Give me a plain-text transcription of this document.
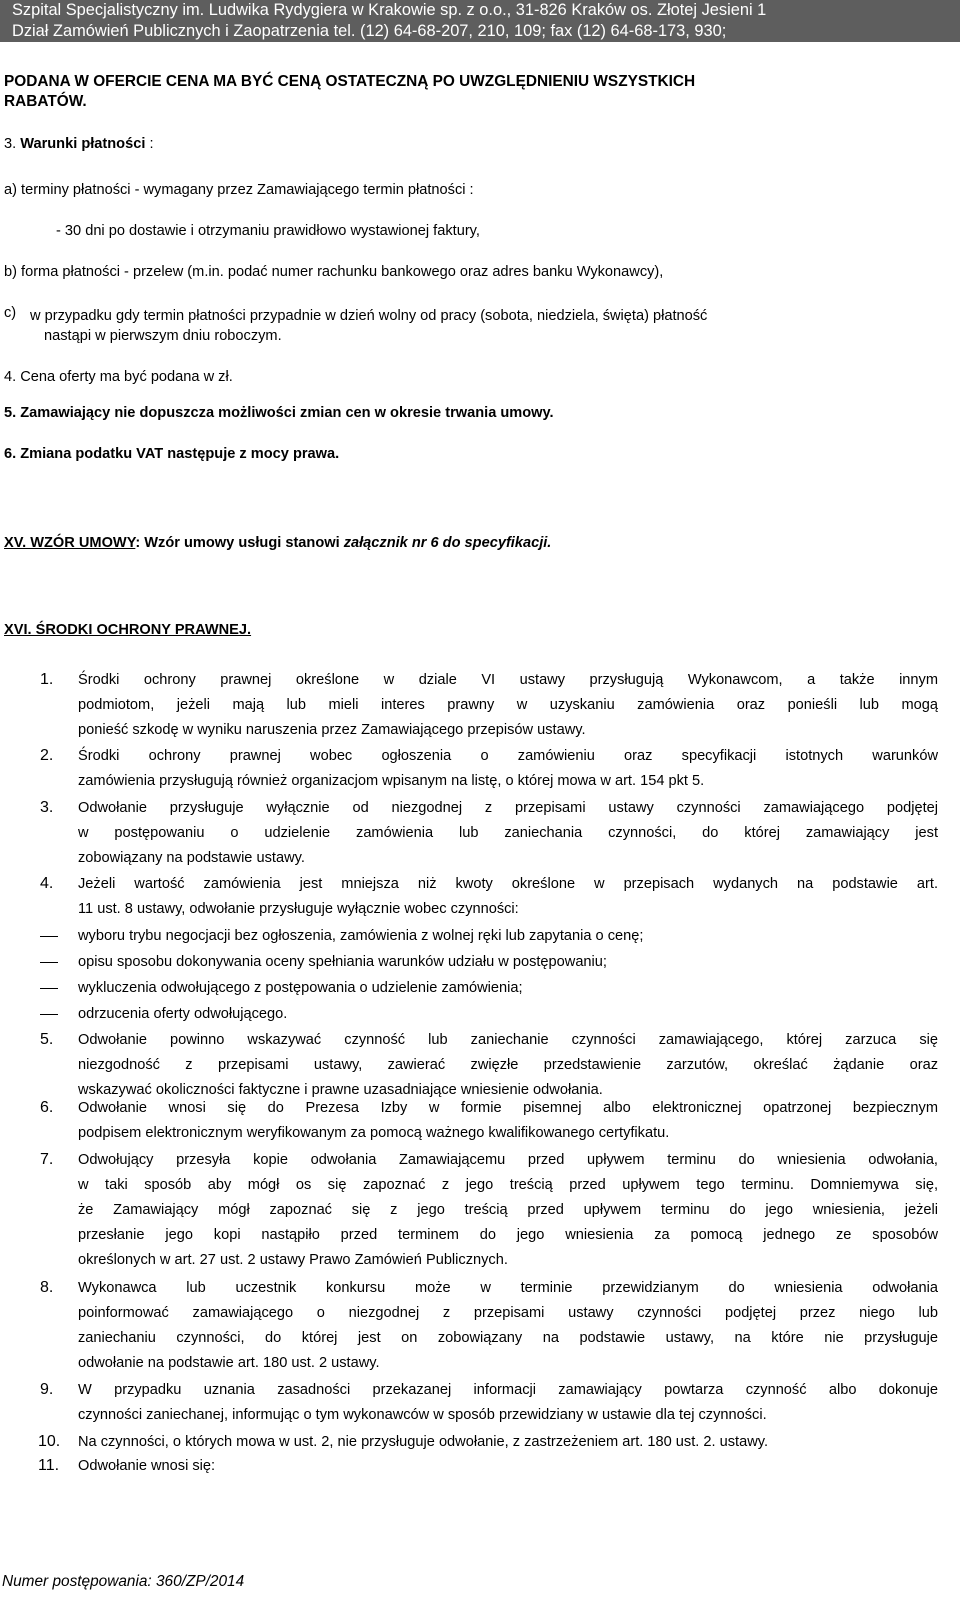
Szpital Specjalistyczny im. Ludwika Rydygiera w Krakowie sp. z o.o., 31-826 Kraków os. Złotej Jesieni 1
Dział Zamówień Publicznych i Zaopatrzenia tel. (12) 64-68-207, 210, 109; fax (12) 64-68-173, 930;
PODANA W OFERCIE CENA MA BYĆ CENĄ OSTATECZNĄ PO UWZGLĘDNIENIU WSZYSTKICH
RABATÓW.
3. Warunki płatności :
a) terminy płatności - wymagany przez Zamawiającego termin płatności :
- 30 dni po dostawie i otrzymaniu prawidłowo wystawionej faktury,
b) forma płatności - przelew (m.in. podać numer rachunku bankowego oraz adres banku Wykonawcy),
c) w przypadku gdy termin płatności przypadnie w dzień wolny od pracy (sobota, niedziela, święta) płatność
nastąpi w pierwszym dniu roboczym.
4. Cena oferty ma być podana w zł.
5. Zamawiający nie dopuszcza możliwości zmian cen w okresie trwania umowy.
6. Zmiana podatku VAT następuje z mocy prawa.
XV. WZÓR UMOWY: Wzór umowy usługi stanowi załącznik nr 6 do specyfikacji.
XVI. ŚRODKI OCHRONY PRAWNEJ.
1. Środki ochrony prawnej określone w dziale VI ustawy przysługują Wykonawcom, a także innym
podmiotom, jeżeli mają lub mieli interes prawny w uzyskaniu zamówienia oraz ponieśli lub mogą
ponieść szkodę w wyniku naruszenia przez Zamawiającego przepisów ustawy.
2. Środki ochrony prawnej wobec ogłoszenia o zamówieniu oraz specyfikacji istotnych warunków
zamówienia przysługują również organizacjom wpisanym na listę, o której mowa w art. 154 pkt 5.
3. Odwołanie przysługuje wyłącznie od niezgodnej z przepisami ustawy czynności zamawiającego podjętej
w postępowaniu o udzielenie zamówienia lub zaniechania czynności, do której zamawiający jest
zobowiązany na podstawie ustawy.
4. Jeżeli wartość zamówienia jest mniejsza niż kwoty określone w przepisach wydanych na podstawie art.
11 ust. 8 ustawy, odwołanie przysługuje wyłącznie wobec czynności:
5. Odwołanie powinno wskazywać czynność lub zaniechanie czynności zamawiającego, której zarzuca się
niezgodność z przepisami ustawy, zawierać zwięzłe przedstawienie zarzutów, określać żądanie oraz
wskazywać okoliczności faktyczne i prawne uzasadniające wniesienie odwołania.
6. Odwołanie wnosi się do Prezesa Izby w formie pisemnej albo elektronicznej opatrzonej bezpiecznym
podpisem elektronicznym weryfikowanym za pomocą ważnego kwalifikowanego certyfikatu.
7. Odwołujący przesyła kopie odwołania Zamawiającemu przed upływem terminu do wniesienia odwołania,
w taki sposób aby mógł os się zapoznać z jego treścią przed upływem tego terminu. Domniemywa się,
że Zamawiający mógł zapoznać się z jego treścią przed upływem terminu do jego wniesienia, jeżeli
przesłanie jego kopi nastąpiło przed terminem do jego wniesienia za pomocą jednego ze sposobów
określonych w art. 27 ust. 2 ustawy Prawo Zamówień Publicznych.
8. Wykonawca lub uczestnik konkursu może w terminie przewidzianym do wniesienia odwołania
poinformować zamawiającego o niezgodnej z przepisami ustawy czynności podjętej przez niego lub
zaniechaniu czynności, do której jest on zobowiązany na podstawie ustawy, na które nie przysługuje
odwołanie na podstawie art. 180 ust. 2 ustawy.
9. W przypadku uznania zasadności przekazanej informacji zamawiający powtarza czynność albo dokonuje
czynności zaniechanej, informując o tym wykonawców w sposób przewidziany w ustawie dla tej czynności.
10. Na czynności, o których mowa w ust. 2, nie przysługuje odwołanie, z zastrzeżeniem art. 180 ust. 2. ustawy.
11. Odwołanie wnosi się:
wyboru trybu negocjacji bez ogłoszenia, zamówienia z wolnej ręki lub zapytania o cenę;
opisu sposobu dokonywania oceny spełniania warunków udziału w postępowaniu;
wykluczenia odwołującego z postępowania o udzielenie zamówienia;
odrzucenia oferty odwołującego.
Numer postępowania: 360/ZP/2014
